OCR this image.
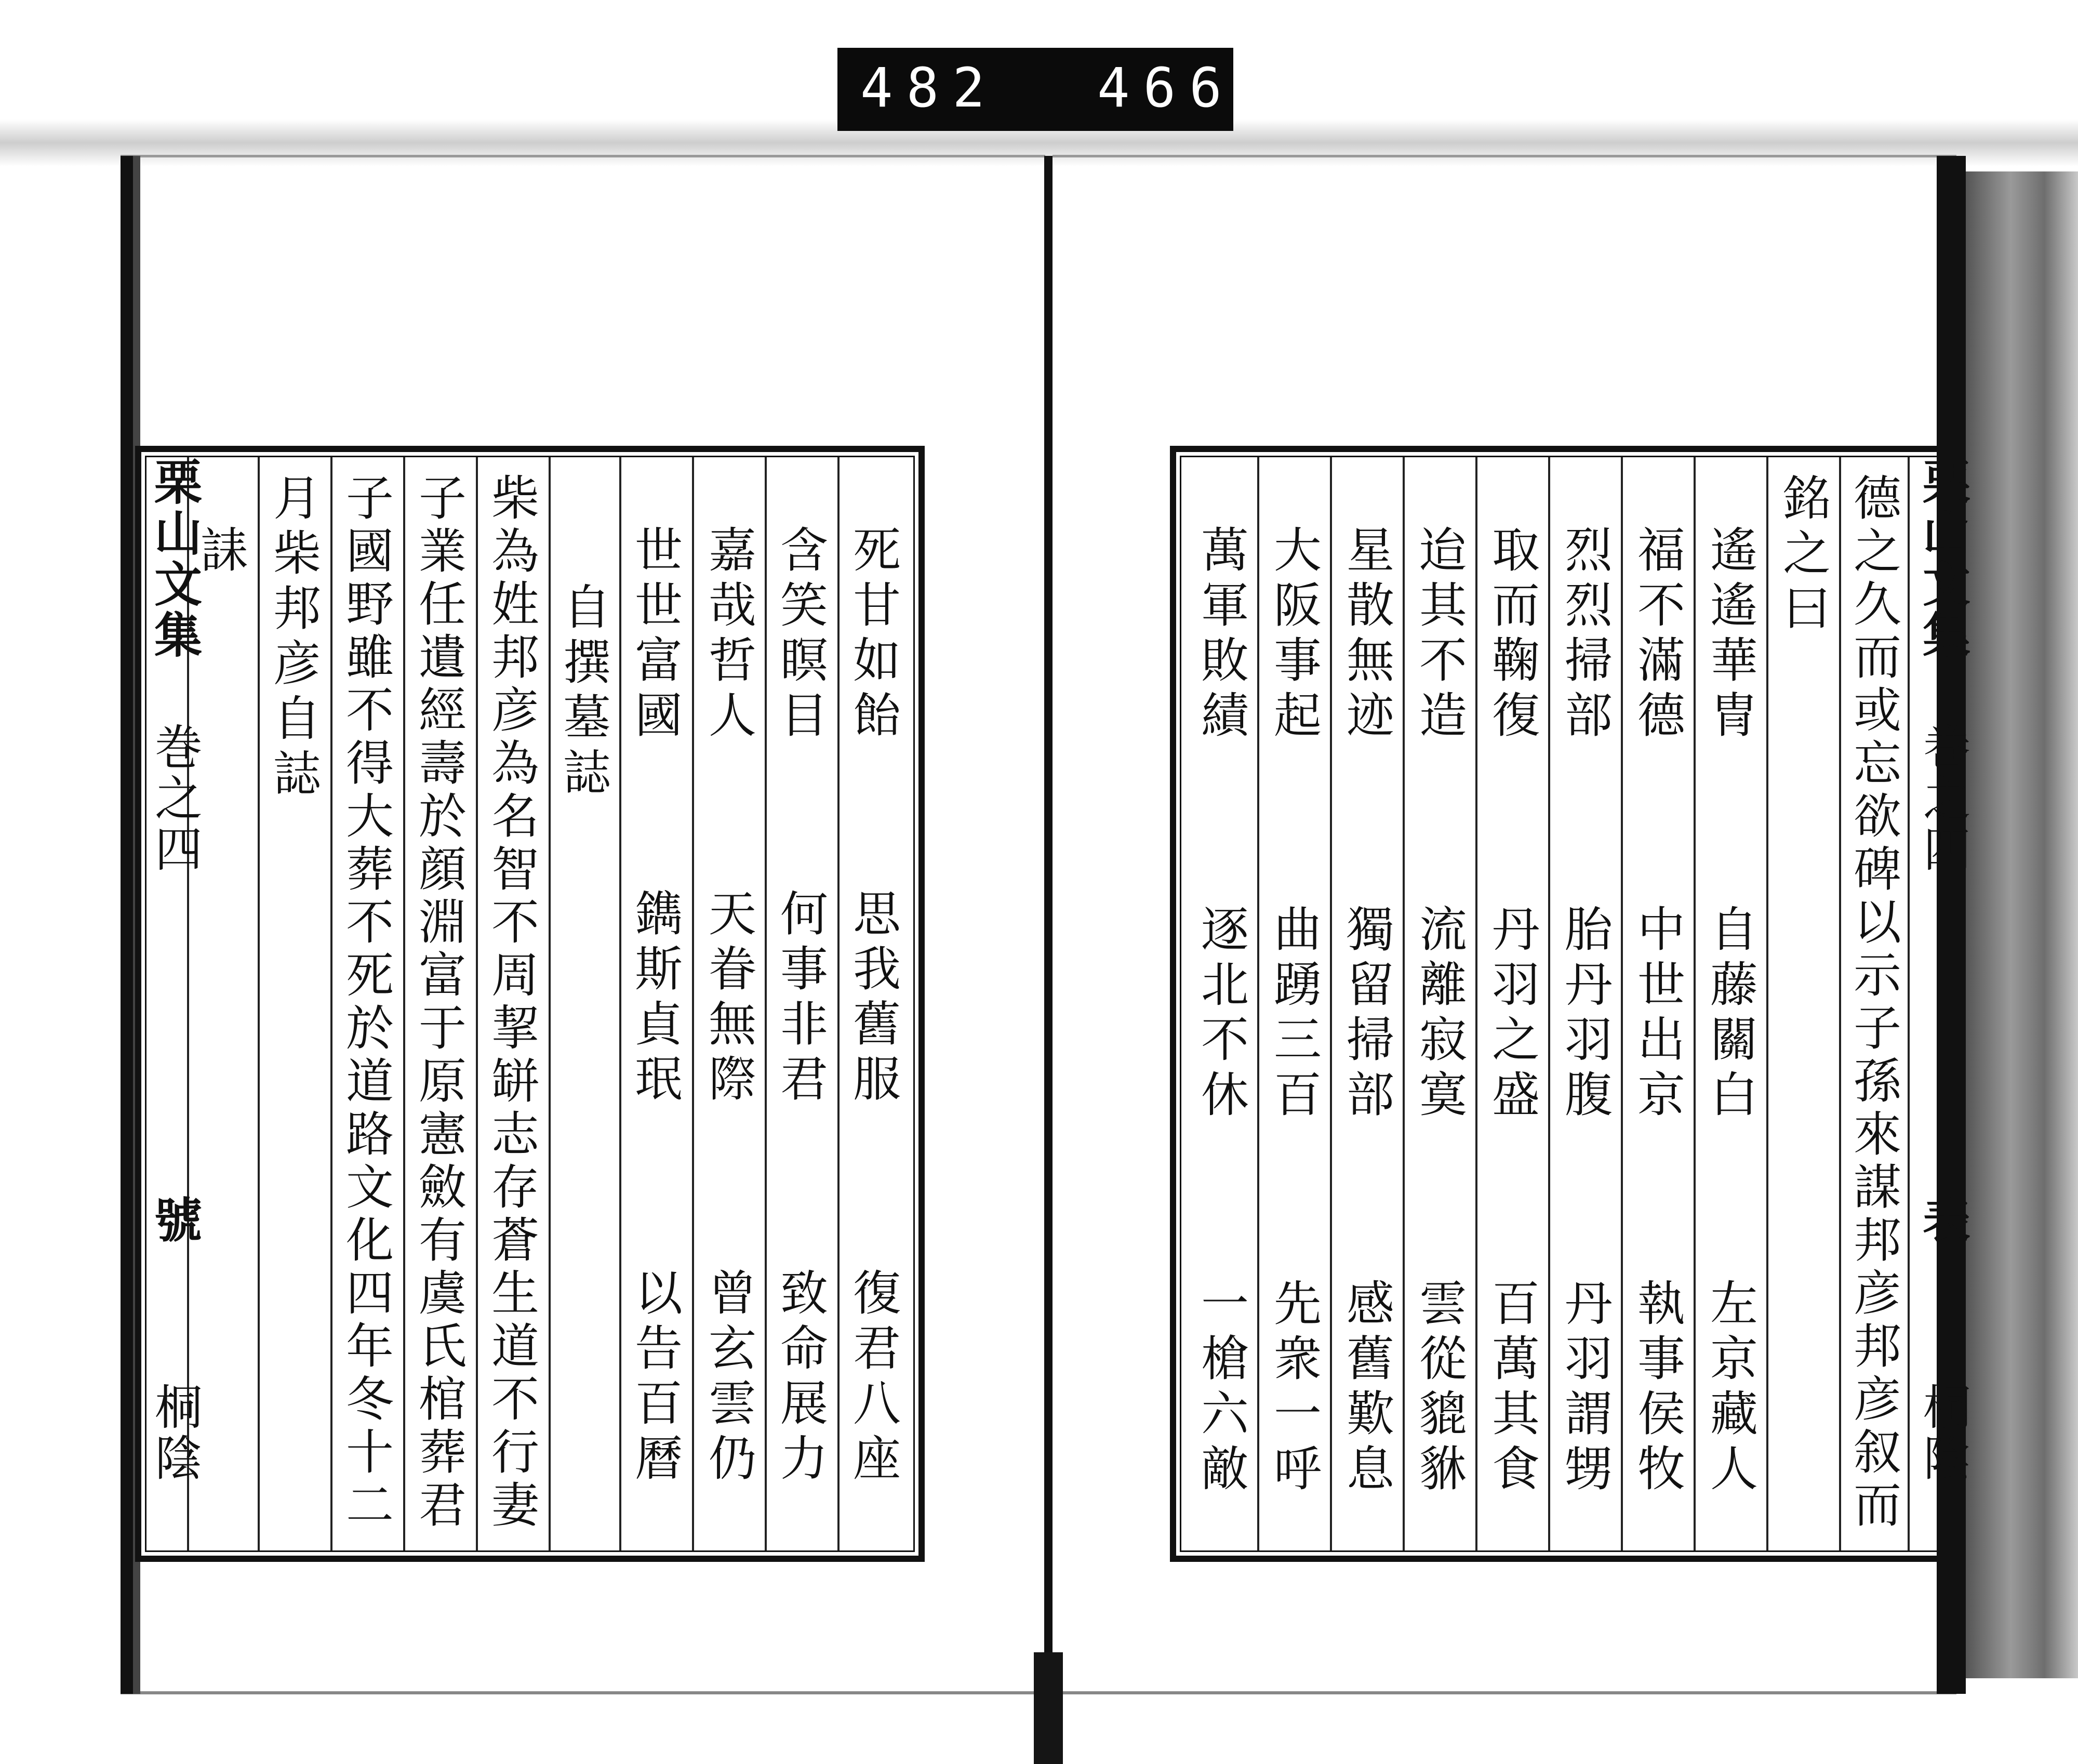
482 466
栗山文集
巻之四
號
桐陰
死甘如飴
思我舊服
復君八座
含笑瞑目
何事非君
致命展力
嘉哉哲人
天眷無際
曾玄雲仍
世世富國
鐫斯貞珉
以告百曆
自撰墓誌
柴為姓邦彦為名智不周挈缾志存蒼生道不行妻
子業任遺經壽於顔淵富于原憲斂有虞氏棺葬君
子國野雖不得大葬不死於道路文化四年冬十二
月柴邦彦自誌
誄	栗山文集
巻之四
表
桐陰
德之久而或忘欲碑以示子孫來謀邦彦邦彦叙而
銘之曰
遙遙華冑
自藤關白
左京藏人
福不滿德
中世出京
執事侯牧
烈烈掃部
胎丹羽腹
丹羽謂甥
取而鞠復
丹羽之盛
百萬其食
迨其不造
流離寂寞
雲從貔貅
星散無迹
獨留掃部
感舊歎息
大阪事起
曲踴三百
先衆一呼
萬軍敗績
逐北不休
一槍六敵
